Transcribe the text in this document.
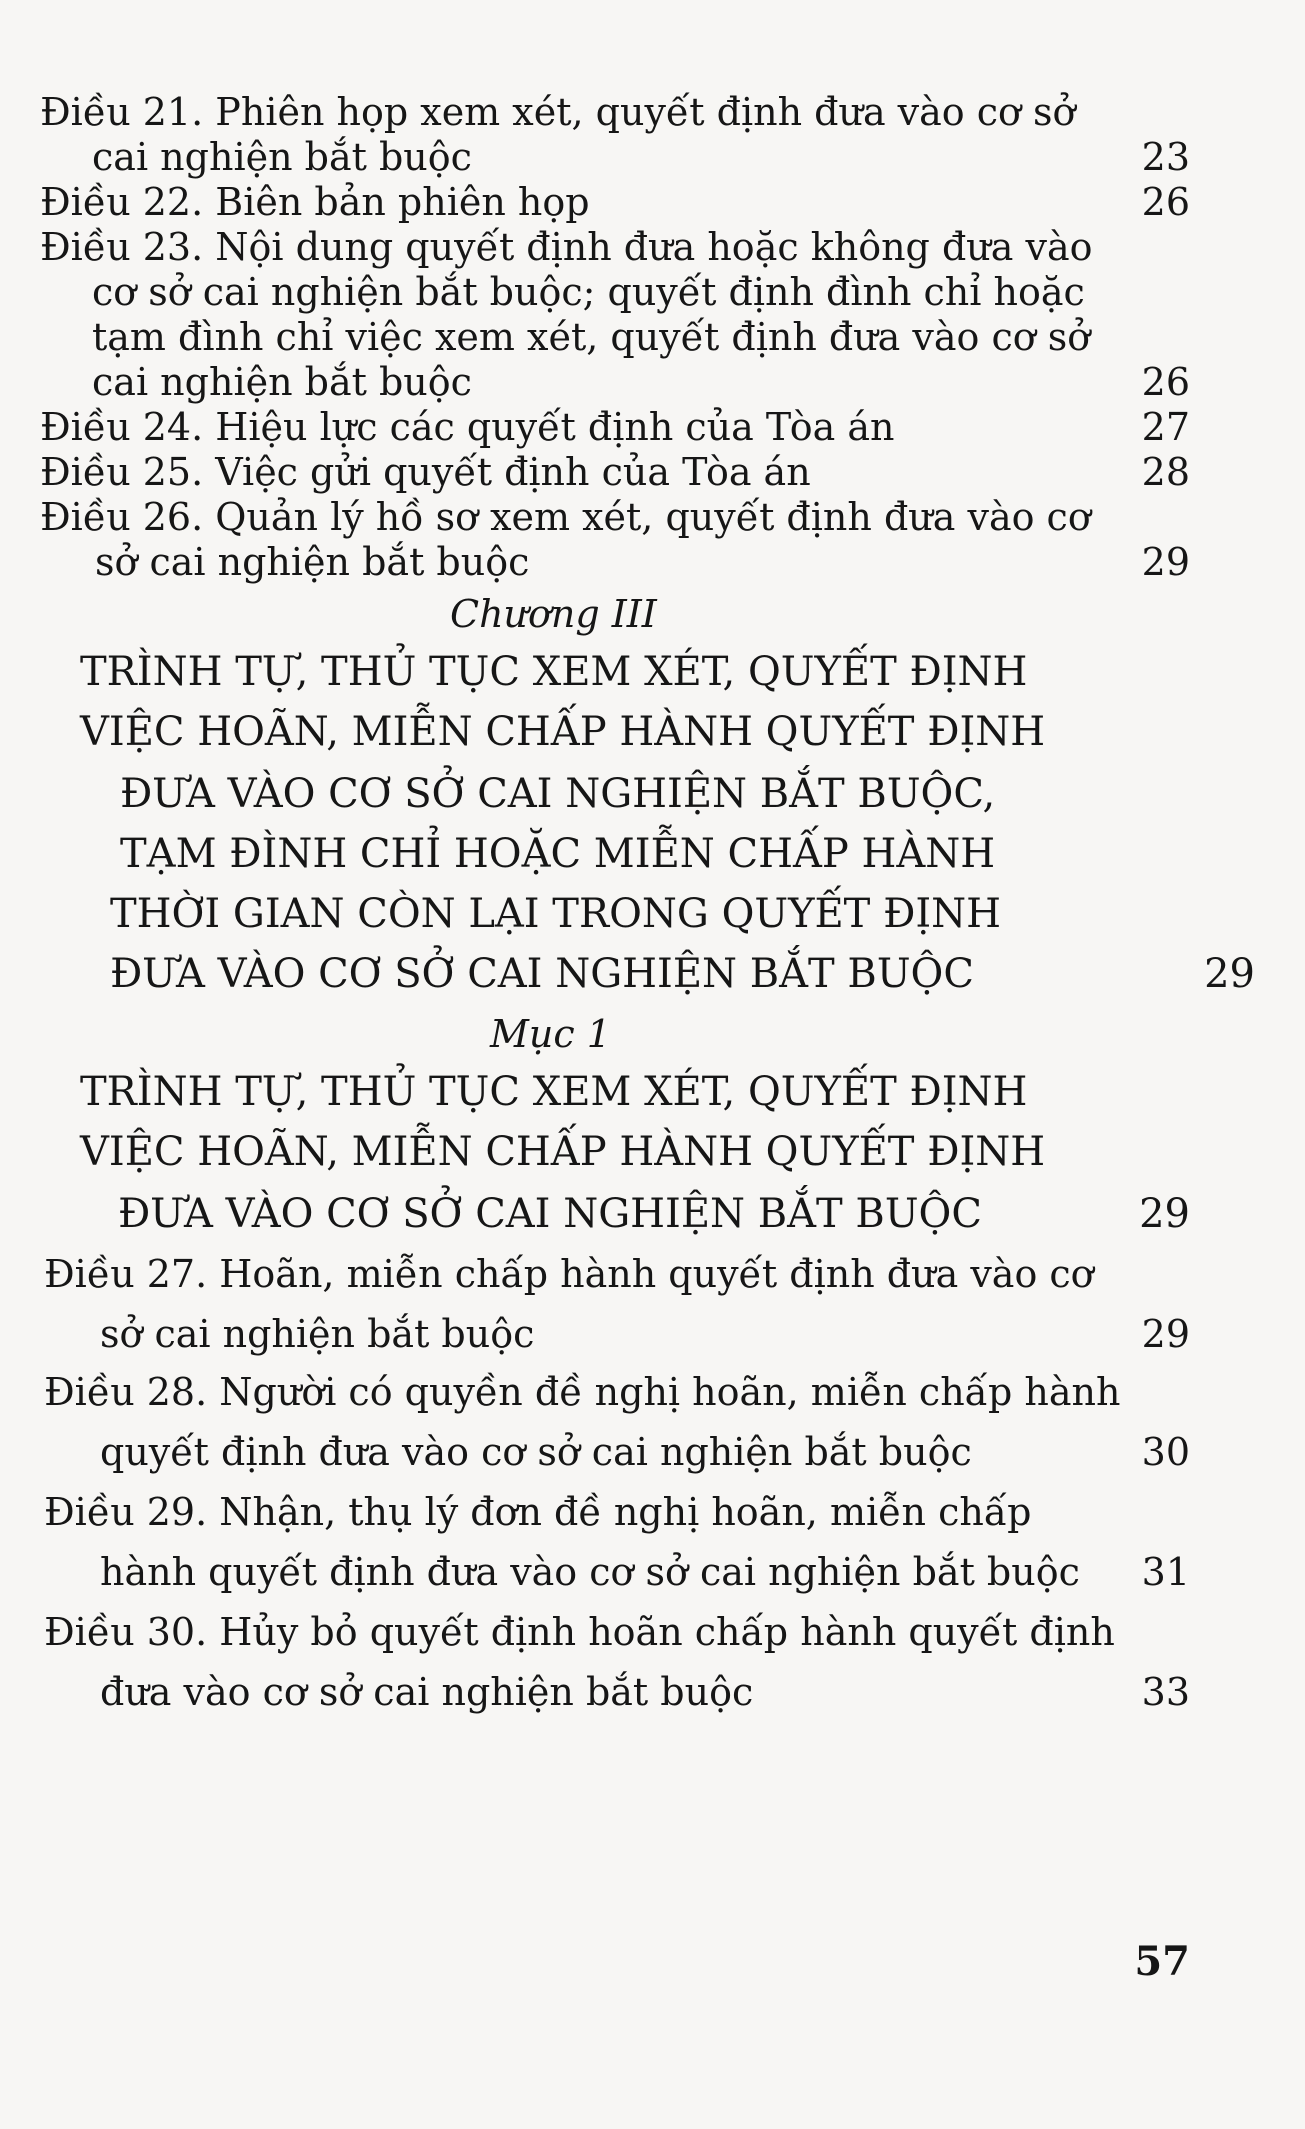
Điều 21. Phiên họp xem xét, quyết định đưa vào cơ sở
cai nghiện bắt buộc	23
Điều 22. Biên bản phiên họp	26
Điều 23. Nội dung quyết định đưa hoặc không đưa vào
cơ sở cai nghiện bắt buộc; quyết định đình chỉ hoặc
tạm đình chỉ việc xem xét, quyết định đưa vào cơ sở
cai nghiện bắt buộc	26
Điều 24. Hiệu lực các quyết định của Tòa án	27
Điều 25. Việc gửi quyết định của Tòa án	28
Điều 26. Quản lý hồ sơ xem xét, quyết định đưa vào cơ
sở cai nghiện bắt buộc	29
Chương III
TRÌNH TỰ, THỦ TỤC XEM XÉT, QUYẾT ĐỊNH
VIỆC HOÃN, MIỄN CHẤP HÀNH QUYẾT ĐỊNH
ĐƯA VÀO CƠ SỞ CAI NGHIỆN BẮT BUỘC,
TẠM ĐÌNH CHỈ HOẶC MIỄN CHẤP HÀNH
THỜI GIAN CÒN LẠI TRONG QUYẾT ĐỊNH
ĐƯA VÀO CƠ SỞ CAI NGHIỆN BẮT BUỘC	29
Mục 1
TRÌNH TỰ, THỦ TỤC XEM XÉT, QUYẾT ĐỊNH
VIỆC HOÃN, MIỄN CHẤP HÀNH QUYẾT ĐỊNH
ĐƯA VÀO CƠ SỞ CAI NGHIỆN BẮT BUỘC	29
Điều 27. Hoãn, miễn chấp hành quyết định đưa vào cơ
sở cai nghiện bắt buộc	29
Điều 28. Người có quyền đề nghị hoãn, miễn chấp hành
quyết định đưa vào cơ sở cai nghiện bắt buộc	30
Điều 29. Nhận, thụ lý đơn đề nghị hoãn, miễn chấp
hành quyết định đưa vào cơ sở cai nghiện bắt buộc 31
Điều 30. Hủy bỏ quyết định hoãn chấp hành quyết định
đưa vào cơ sở cai nghiện bắt buộc	33
57
